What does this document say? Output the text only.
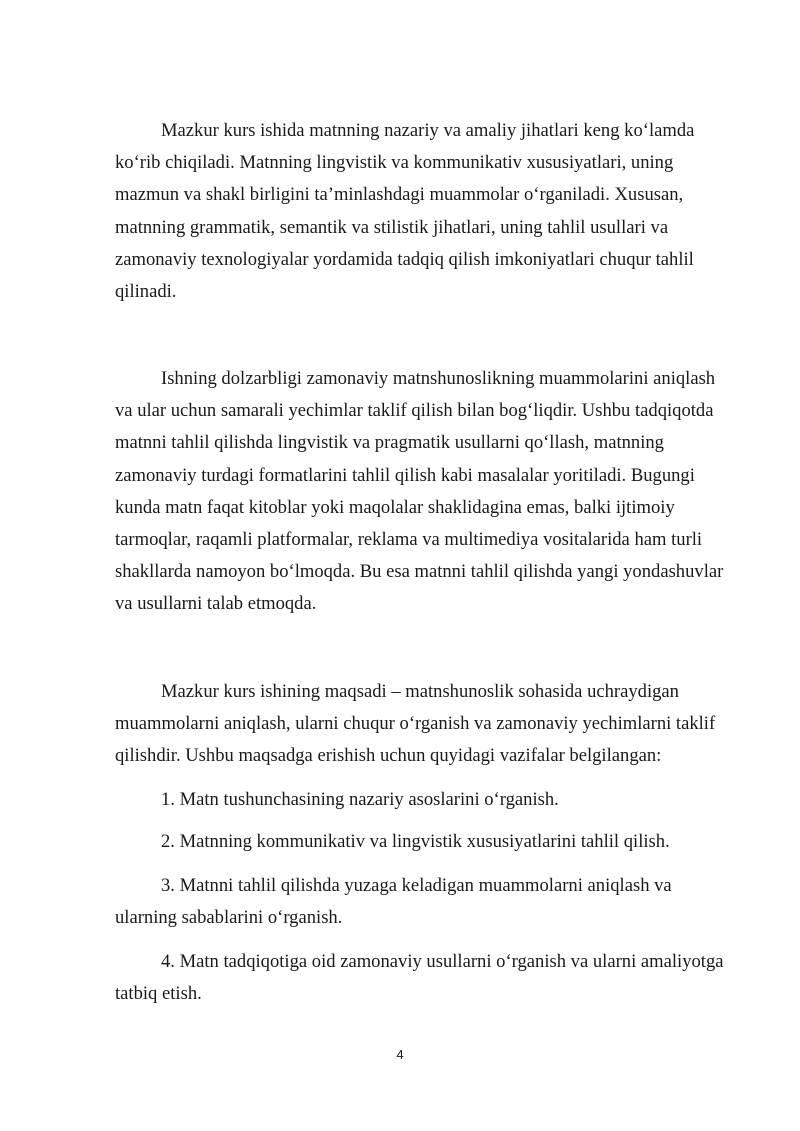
Mazkur kurs ishida matnning nazariy va amaliy jihatlari keng koʻlamda koʻrib chiqiladi. Matnning lingvistik va kommunikativ xususiyatlari, uning mazmun va shakl birligini ta’minlashdagi muammolar oʻrganiladi. Xususan, matnning grammatik, semantik va stilistik jihatlari, uning tahlil usullari va zamonaviy texnologiyalar yordamida tadqiq qilish imkoniyatlari chuqur tahlil qilinadi.

Ishning dolzarbligi zamonaviy matnshunoslikning muammolarini aniqlash va ular uchun samarali yechimlar taklif qilish bilan bogʻliqdir. Ushbu tadqiqotda matnni tahlil qilishda lingvistik va pragmatik usullarni qoʻllash, matnning zamonaviy turdagi formatlarini tahlil qilish kabi masalalar yoritiladi. Bugungi kunda matn faqat kitoblar yoki maqolalar shaklidagina emas, balki ijtimoiy tarmoqlar, raqamli platformalar, reklama va multimediya vositalarida ham turli shakllarda namoyon boʻlmoqda. Bu esa matnni tahlil qilishda yangi yondashuvlar va usullarni talab etmoqda.

Mazkur kurs ishining maqsadi – matnshunoslik sohasida uchraydigan muammolarni aniqlash, ularni chuqur oʻrganish va zamonaviy yechimlarni taklif qilishdir. Ushbu maqsadga erishish uchun quyidagi vazifalar belgilangan:

1. Matn tushunchasining nazariy asoslarini oʻrganish.

2. Matnning kommunikativ va lingvistik xususiyatlarini tahlil qilish.

3. Matnni tahlil qilishda yuzaga keladigan muammolarni aniqlash va ularning sabablarini oʻrganish.

4. Matn tadqiqotiga oid zamonaviy usullarni oʻrganish va ularni amaliyotga tatbiq etish.

4
